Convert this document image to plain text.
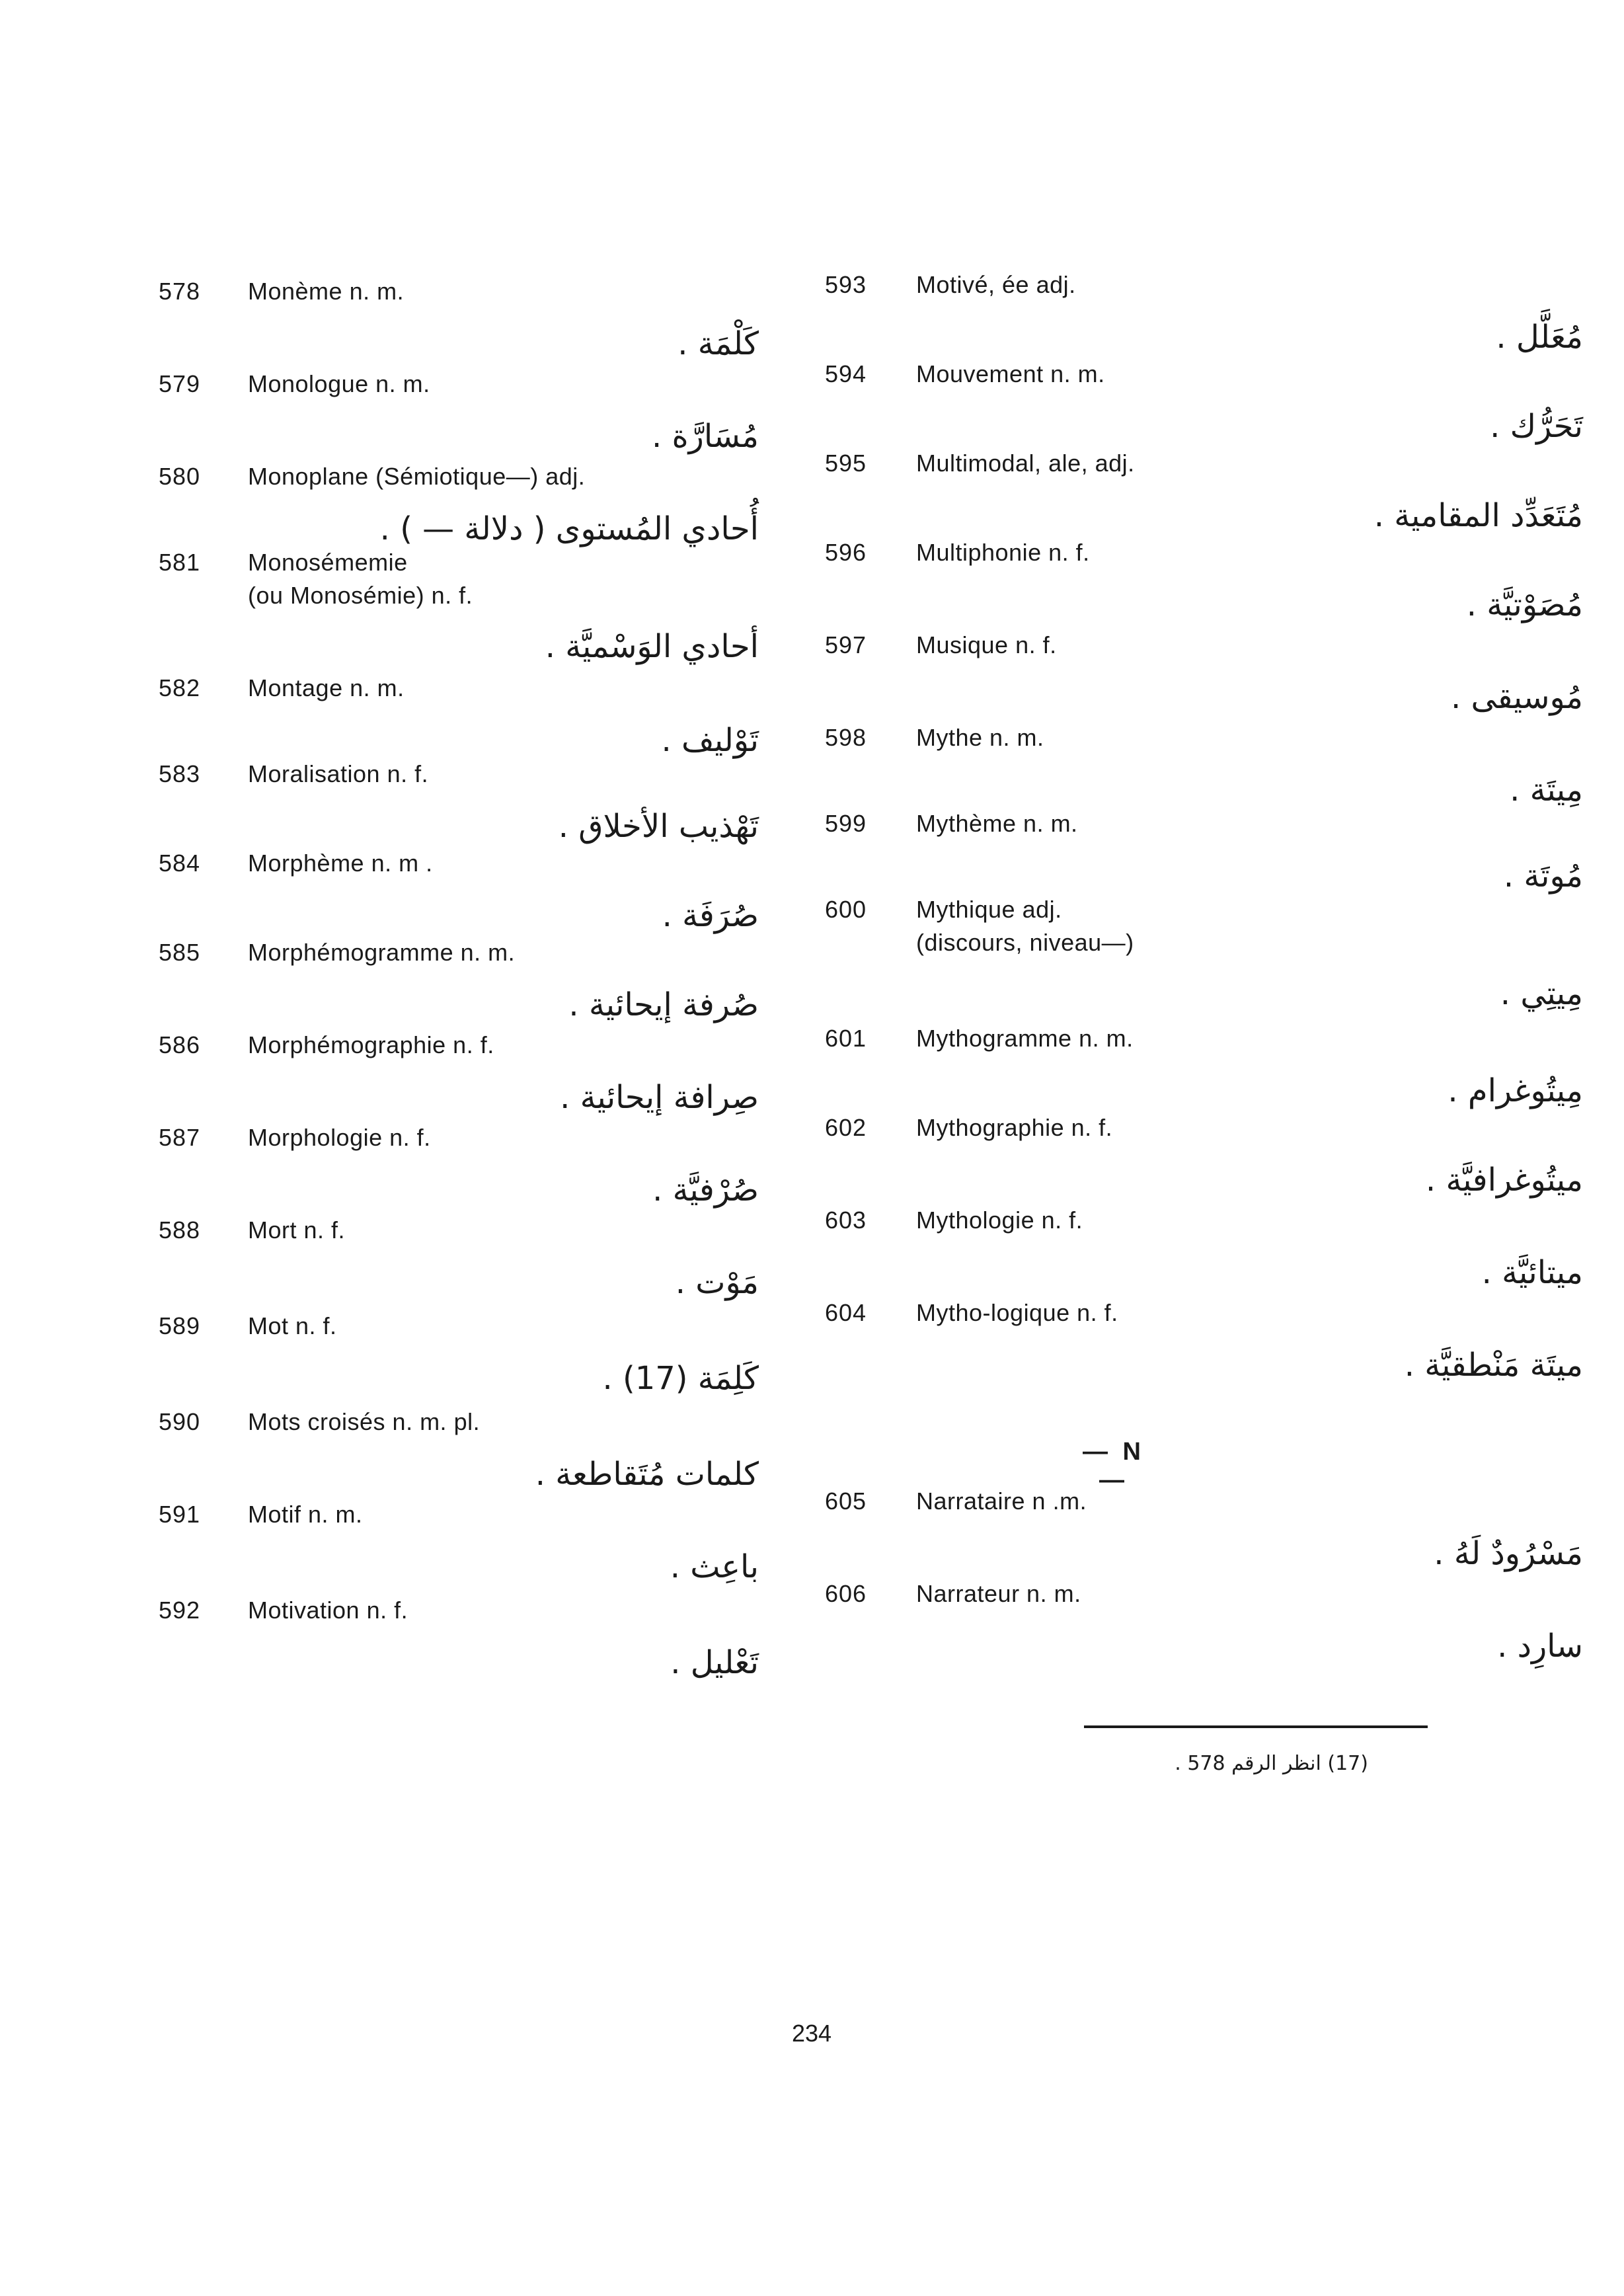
578 Monème n. m.
كَلْمَة .
579 Monologue n. m.
مُسَارَّة .
580 Monoplane (Sémiotique—) adj.
أُحادي المُستوى ( دلالة — ) .
581 Monosémemie
(ou Monosémie) n. f.
أحادي الوَسْميَّة .
582 Montage n. m.
تَوْليف .
583 Moralisation n. f.
تَهْذيب الأخلاق .
584 Morphème n. m .
صُرَفَة .
585 Morphémogramme n. m.
صُرفة إيحائية .
586 Morphémographie n. f.
صِرافة إيحائية .
587 Morphologie n. f.
صُرْفيَّة .
588 Mort n. f.
مَوْت .
589 Mot n. f.
كَلِمَة (17) .
590 Mots croisés n. m. pl.
كلمات مُتَقاطعة .
591 Motif n. m.
باعِث .
592 Motivation n. f.
تَعْليل .
593 Motivé, ée adj.
مُعَلَّل .
594 Mouvement n. m.
تَحَرُّك .
595 Multimodal, ale, adj.
مُتَعَدِّد المقامية .
596 Multiphonie n. f.
مُصَوْتيَّة .
597 Musique n. f.
مُوسيقى .
598 Mythe n. m.
مِيتَة .
599 Mythème n. m.
مُوتَة .
600 Mythique adj.
(discours, niveau—)
مِيتِي .
601 Mythogramme n. m.
مِيتُوغرام .
602 Mythographie n. f.
ميتُوغرافيَّة .
603 Mythologie n. f.
ميتائيَّة .
604 Mytho-logique n. f.
ميتَة مَنْطقيَّة .
605 Narrataire n .m.
مَسْرُودٌ لَهُ .
606 Narrateur n. m.
سارِد .
— N —
(17) انظر الرقم 578 .
234
